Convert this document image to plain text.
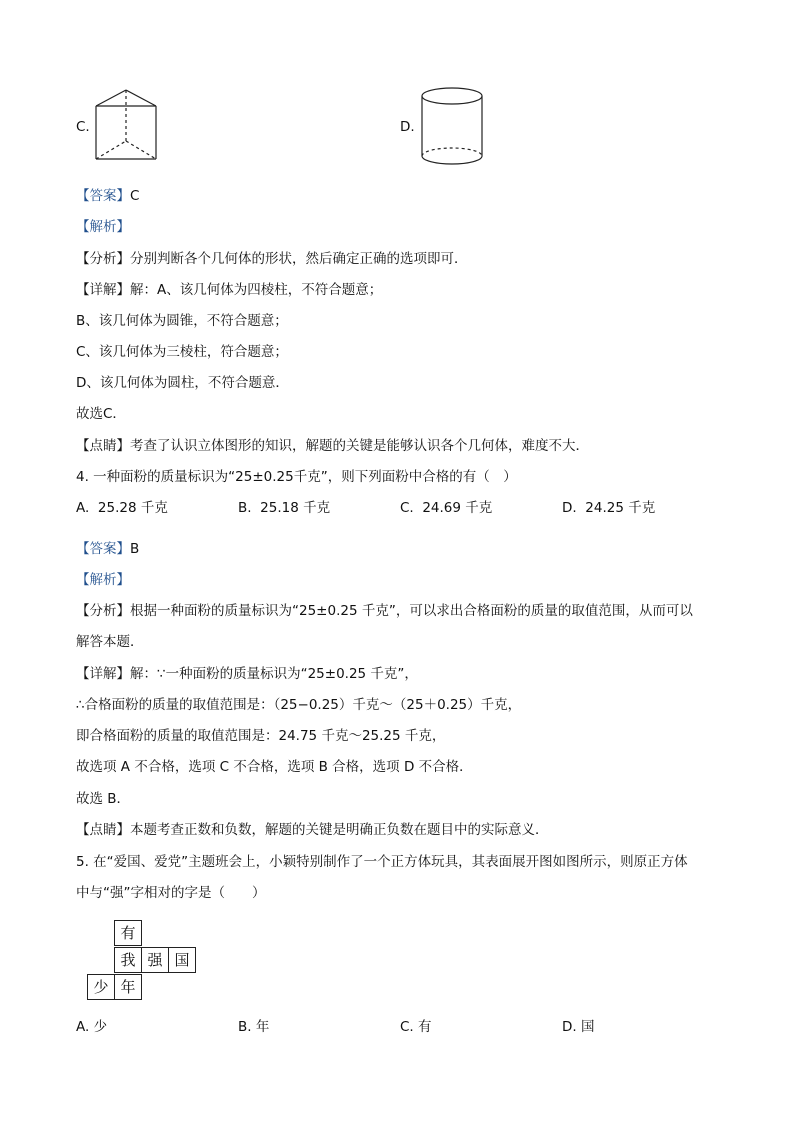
C.	D.
【答案】C
【解析】
【分析】分别判断各个几何体的形状，然后确定正确的选项即可．
【详解】解：A、该几何体为四棱柱，不符合题意；
B、该几何体为圆锥，不符合题意；
C、该几何体为三棱柱，符合题意；
D、该几何体为圆柱，不符合题意．
故选C．
【点睛】考查了认识立体图形的知识，解题的关键是能够认识各个几何体，难度不大．
4. 一种面粉的质量标识为“25±0.25千克”，则下列面粉中合格的有（　）
A. 25.28 千克	B. 25.18 千克	C. 24.69 千克	D. 24.25 千克
【答案】B
【解析】
【分析】根据一种面粉的质量标识为“25±0.25 千克”，可以求出合格面粉的质量的取值范围，从而可以
解答本题．
【详解】解：∵一种面粉的质量标识为“25±0.25 千克”，
∴合格面粉的质量的取值范围是：（25−0.25）千克～（25＋0.25）千克，
即合格面粉的质量的取值范围是：24.75 千克～25.25 千克，
故选项 A 不合格，选项 C 不合格，选项 B 合格，选项 D 不合格．
故选 B．
【点睛】本题考查正数和负数，解题的关键是明确正负数在题目中的实际意义．
5. 在“爱国、爱党”主题班会上，小颖特别制作了一个正方体玩具，其表面展开图如图所示，则原正方体
中与“强”字相对的字是（　　）
有
我 强 国
少 年
A. 少	B. 年	C. 有	D. 国
